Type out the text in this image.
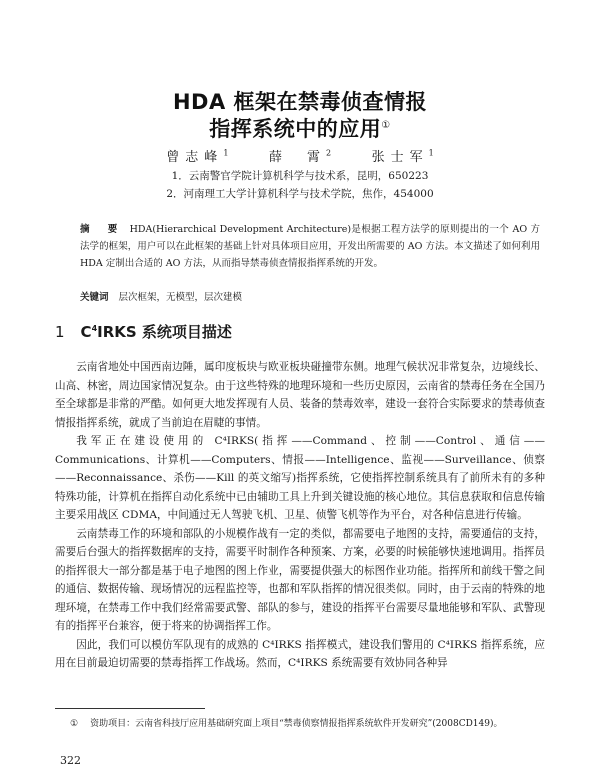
HDA 框架在禁毒侦查情报
指挥系统中的应用①
曾志峰$^1$	薛　霄$^2$	张士军$^1$
1．云南警官学院计算机科学与技术系，昆明，650223
2．河南理工大学计算机科学与技术学院，焦作，454000
摘　要 HDA(Hierarchical Development Architecture)是根据工程方法学的原则提出的一个 AO 方法学的框架，用户可以在此框架的基础上针对具体项目应用，开发出所需要的 AO 方法。本文描述了如何利用 HDA 定制出合适的 AO 方法，从而指导禁毒侦查情报指挥系统的开发。
关键词 层次框架，无模型，层次建模
1 $C^4IRKS$ 系统项目描述

云南省地处中国西南边陲，属印度板块与欧亚板块碰撞带东侧。地理气候状况非常复杂，边境线长、山高、林密，周边国家情况复杂。由于这些特殊的地理环境和一些历史原因，云南省的禁毒任务在全国乃至全球都是非常的严酷。如何更大地发挥现有人员、装备的禁毒效率，建设一套符合实际要求的禁毒侦查情报指挥系统，就成了当前迫在眉睫的事情。

我军正在建设使用的 C⁴IRKS(指挥——Command、控制——Control、通信——Communications、计算机——Computers、情报——Intelligence、监视——Surveillance、侦察——Reconnaissance、杀伤——Kill 的英文缩写)指挥系统，它使指挥控制系统具有了前所未有的多种特殊功能，计算机在指挥自动化系统中已由辅助工具上升到关键设施的核心地位。其信息获取和信息传输主要采用战区 CDMA，中间通过无人驾驶飞机、卫星、侦警飞机等作为平台，对各种信息进行传输。

云南禁毒工作的环境和部队的小规模作战有一定的类似，都需要电子地图的支持，需要通信的支持，需要后台强大的指挥数据库的支持，需要平时制作各种预案、方案，必要的时候能够快速地调用。指挥员的指挥很大一部分都是基于电子地图的图上作业，需要提供强大的标图作业功能。指挥所和前线干警之间的通信、数据传输、现场情况的远程监控等，也都和军队指挥的情况很类似。同时，由于云南的特殊的地理环境，在禁毒工作中我们经常需要武警、部队的参与，建设的指挥平台需要尽量地能够和军队、武警现有的指挥平台兼容，便于将来的协调指挥工作。

因此，我们可以模仿军队现有的成熟的 C⁴IRKS 指挥模式，建设我们警用的 C⁴IRKS 指挥系统，应用在目前最迫切需要的禁毒指挥工作战场。然而，C⁴IRKS 系统需要有效协同各种异

① 资助项目：云南省科技厅应用基础研究面上项目“禁毒侦察情报指挥系统软件开发研究”(2008CD149)。
322
